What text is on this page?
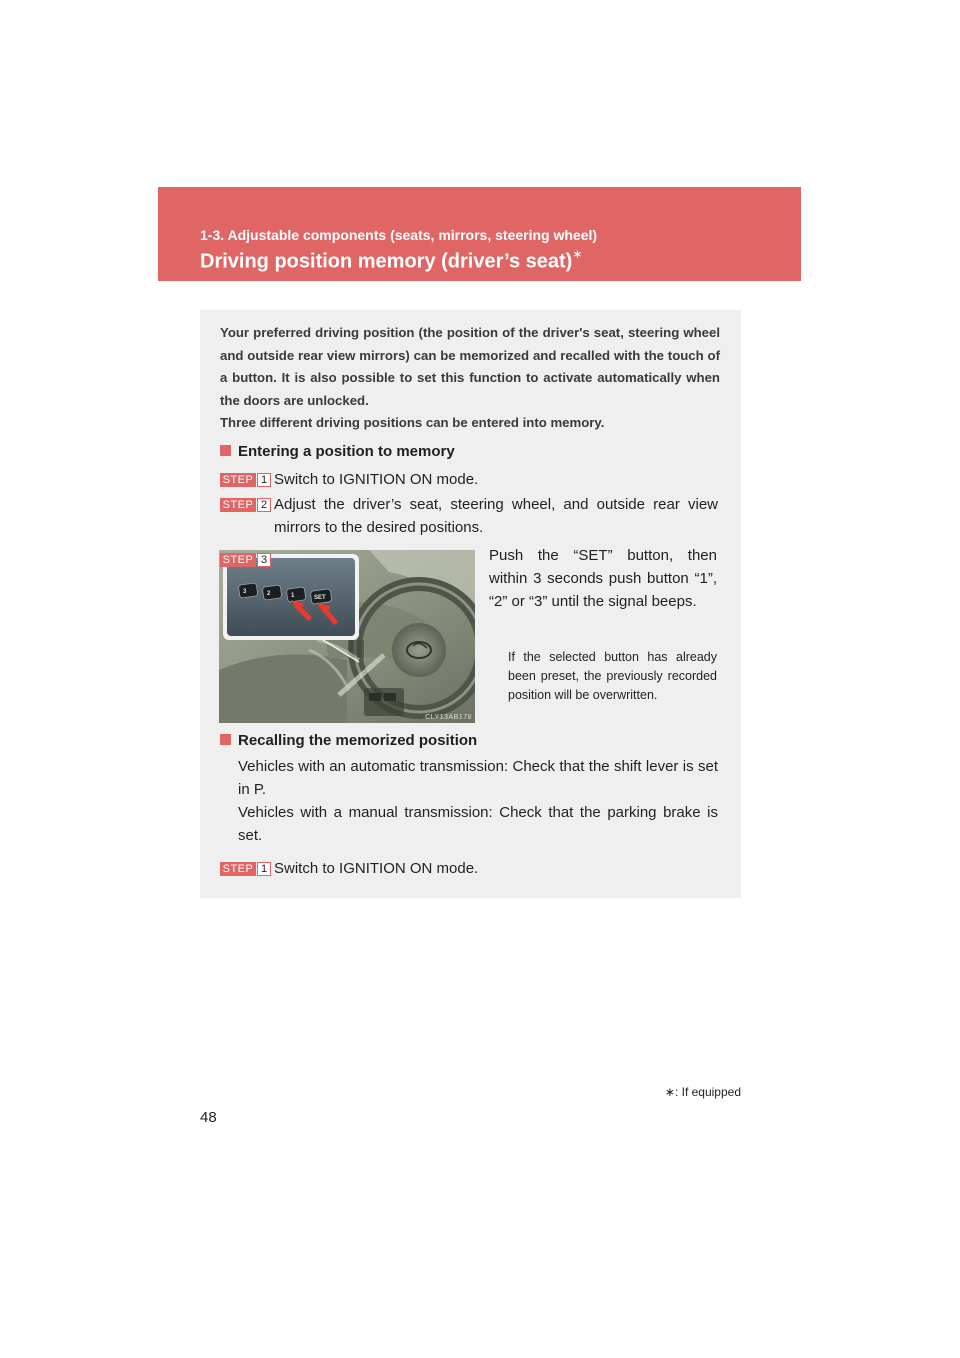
1-3. Adjustable components (seats, mirrors, steering wheel)
Driving position memory (driver’s seat)∗

Your preferred driving position (the position of the driver's seat, steering wheel and outside rear view mirrors) can be memorized and recalled with the touch of a button. It is also possible to set this function to activate automatically when the doors are unlocked.

Three different driving positions can be entered into memory.

Entering a position to memory
STEP 1 Switch to IGNITION ON mode.
STEP 2 Adjust the driver’s seat, steering wheel, and outside rear view mirrors to the desired positions.
3	2	1	SET
CLY13AB178
STEP 3	Push the “SET” button, then within 3 seconds push button “1”, “2” or “3” until the signal beeps.
If the selected button has already been preset, the previously recorded position will be overwritten.
Recalling the memorized position

Vehicles with an automatic transmission: Check that the shift lever is set in P.

Vehicles with a manual transmission: Check that the parking brake is set.

STEP 1 Switch to IGNITION ON mode.
∗: If equipped
48
